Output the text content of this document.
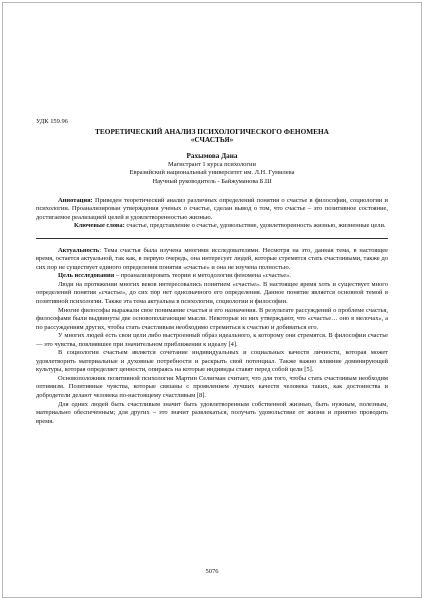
УДК 159.96
ТЕОРЕТИЧЕСКИЙ АНАЛИЗ ПСИХОЛОГИЧЕСКОГО ФЕНОМЕНА
«СЧАСТЬЯ»
Рахымова Дана
Магистрант 1 курса психологии
Евразийский национальный университет им. Л.Н. Гумилева
Научный руководитель - Байжуманова Б.Ш

Аннотация: Приведен теоретический анализ различных определений понятия о счастье в философии, социологии и психологии. Проанализирован утверждения ученых о счастье, сделан вывод о том, что счастье – это позитивное состояние, достигаемое реализацией целей и удовлетворенностью жизнью.

Ключевые слова: счастье, представление о счастье, удовольствие, удовлетворенность жизнью, жизненные цели.

Актуальность: Тема счастья была изучена многими исследователями. Несмотря на это, данная тема, в настоящее время, остается актуальной, так как, в первую очередь, она интересует людей, которые стремятся стать счастливыми, также до сих пор не существует единого определения понятия «счастье» и она не изучена полностью.

Цель исследования – проанализировать теории и методологии феномена «счастье».

Люди на протяжении многих веков интересовались понятием «счастье». В настоящее время хоть и существует много определений понятия «счастье», до сих пор нет однозначного его определения. Данное понятие является основной темой в позитивной психологии. Также эта тема актуальна в психологии, социологии и философии.

Многие философы выражали свое понимание счастья и его назначения. В результате рассуждений о проблеме счастья, философами были выдвинуты две основополагающие мысли. Некоторые из них утверждают, что «счастье… оно в мелочах», а по рассуждениям других, чтобы стать счастливым необходимо стремиться к счастью и добиваться его.

У многих людей есть свои цели либо выстроенный образ идеального, к которому они стремятся. В философии счастье — это чувства, повлиявшее при значительном приближении к идеалу [4].

В социологии счастьем является сочетание индивидуальных и социальных качеств личности, которая может удовлетворить материальные и духовные потребности и раскрыть свой потенциал. Также важно влияние доминирующей культуры, которая определяет ценности, опираясь на которые индивиды ставят перед собой цели [5].

Основоположник позитивной психологии Мартин Селигман считает, что для того, чтобы стать счастливым необходим оптимизм. Позитивные чувства, которые связаны с проявлением лучших качеств человека таких, как достоинства и добродетели делают человека по-настоящему счастливым [8].

Для одних людей быть счастливым значит быть удовлетворенным собственной жизнью, быть нужным, полезным, материально обеспеченным; для других – это значит развлекаться, получать удовольствие от жизни и приятно проводить время.

5076
